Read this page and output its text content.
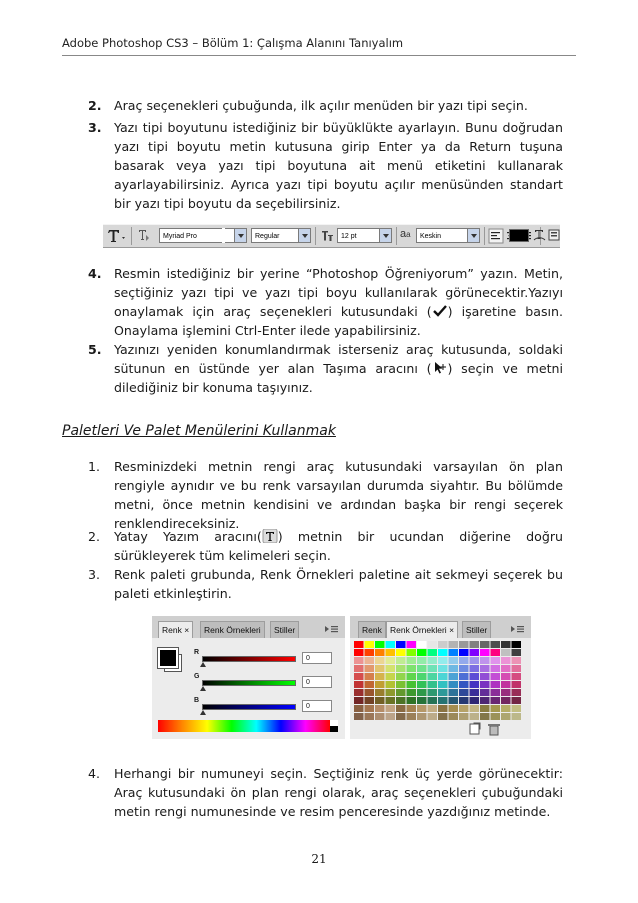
Adobe Photoshop CS3 – Bölüm 1: Çalışma Alanını Tanıyalım
2. Araç seçenekleri çubuğunda, ilk açılır menüden bir yazı tipi seçin.
3. Yazı tipi boyutunu istediğiniz bir büyüklükte ayarlayın. Bunu doğrudan yazı tipi boyutu metin kutusuna girip Enter ya da Return tuşuna basarak veya yazı tipi boyutuna ait menü etiketini kullanarak ayarlayabilirsiniz. Ayrıca yazı tipi boyutu açılır menüsünden standart bir yazı tipi boyutu da seçebilirsiniz.
Myriad Pro	Regular	12 pt	aa	Keskin
4. Resmin istediğiniz bir yerine “Photoshop Öğreniyorum” yazın. Metin, seçtiğiniz yazı tipi ve yazı tipi boyu kullanılarak görünecektir.Yazıyı onaylamak için araç seçenekleri kutusundaki ( ) işaretine basın. Onaylama işlemini Ctrl-Enter ilede yapabilirsiniz.
5. Yazınızı yeniden konumlandırmak isterseniz araç kutusunda, soldaki sütunun en üstünde yer alan Taşıma aracını ( ) seçin ve metni dilediğiniz bir konuma taşıyınız.
Paletleri Ve Palet Menülerini Kullanmak
1. Resminizdeki metnin rengi araç kutusundaki varsayılan ön plan rengiyle aynıdır ve bu renk varsayılan durumda siyahtır. Bu bölümde metni, önce metnin kendisini ve ardından başka bir rengi seçerek renklendireceksiniz.
2. Yatay Yazım aracını( ) metnin bir ucundan diğerine doğru sürükleyerek tüm kelimeleri seçin.
3. Renk paleti grubunda, Renk Örnekleri paletine ait sekmeyi seçerek bu paleti etkinleştirin.
Renk ×	Renk Örnekleri	Stiller
R
0
G
0
B
0
Renk Renk Örnekleri ×	Stiller
4. Herhangi bir numuneyi seçin. Seçtiğiniz renk üç yerde görünecektir: Araç kutusundaki ön plan rengi olarak, araç seçenekleri çubuğundaki metin rengi numunesinde ve resim penceresinde yazdığınız metinde.
21
